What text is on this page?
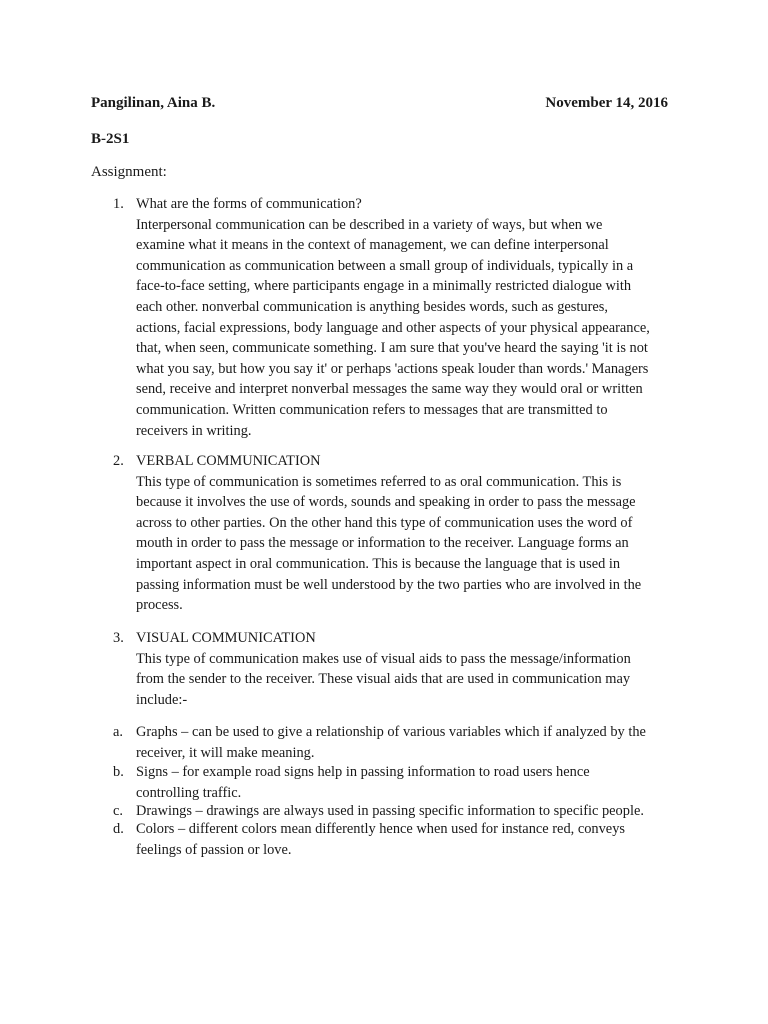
Pangilinan, Aina B.	November 14, 2016
B-2S1
Assignment:
1. What are the forms of communication?

Interpersonal communication can be described in a variety of ways, but when we

examine what it means in the context of management, we can define interpersonal

communication as communication between a small group of individuals, typically in a

face-to-face setting, where participants engage in a minimally restricted dialogue with

each other. nonverbal communication is anything besides words, such as gestures,

actions, facial expressions, body language and other aspects of your physical appearance,

that, when seen, communicate something. I am sure that you've heard the saying 'it is not

what you say, but how you say it' or perhaps 'actions speak louder than words.' Managers

send, receive and interpret nonverbal messages the same way they would oral or written

communication. Written communication refers to messages that are transmitted to

receivers in writing.

2. VERBAL COMMUNICATION

This type of communication is sometimes referred to as oral communication. This is

because it involves the use of words, sounds and speaking in order to pass the message

across to other parties. On the other hand this type of communication uses the word of

mouth in order to pass the message or information to the receiver. Language forms an

important aspect in oral communication. This is because the language that is used in

passing information must be well understood by the two parties who are involved in the

process.

3. VISUAL COMMUNICATION

This type of communication makes use of visual aids to pass the message/information

from the sender to the receiver. These visual aids that are used in communication may

include:-

a. Graphs – can be used to give a relationship of various variables which if analyzed by the

receiver, it will make meaning.

b. Signs – for example road signs help in passing information to road users hence

controlling traffic.

c. Drawings – drawings are always used in passing specific information to specific people.

d. Colors – different colors mean differently hence when used for instance red, conveys

feelings of passion or love.
